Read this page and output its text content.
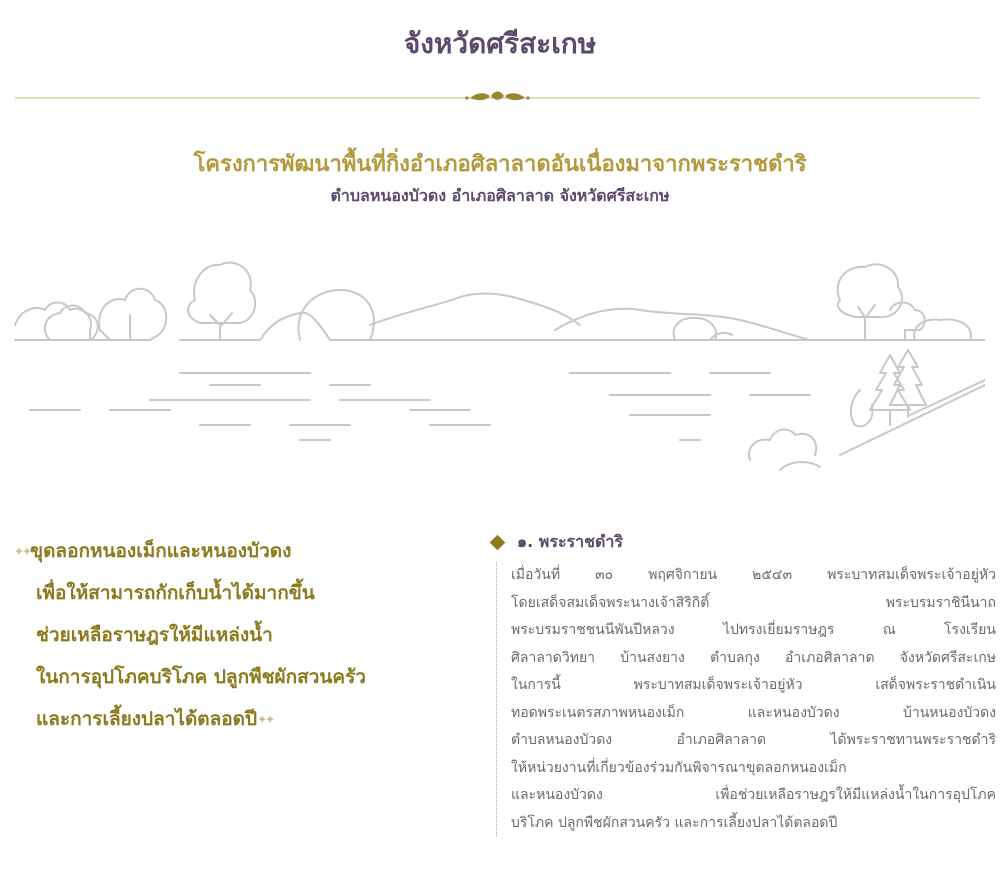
จังหวัดศรีสะเกษ
โครงการพัฒนาพื้นที่กิ่งอำเภอศิลาลาดอันเนื่องมาจากพระราชดำริ
ตำบลหนองบัวดง อำเภอศิลาลาด จังหวัดศรีสะเกษ
✦✦ขุดลอกหนองเม็กและหนองบัวดง
เพื่อให้สามารถกักเก็บน้ำได้มากขึ้น
ช่วยเหลือราษฎรให้มีแหล่งน้ำ
ในการอุปโภคบริโภค ปลูกพืชผักสวนครัว
และการเลี้ยงปลาได้ตลอดปี✦✦
๑. พระราชดำริ
เมื่อวันที่ ๓๐ พฤศจิกายน ๒๕๔๓ พระบาทสมเด็จพระเจ้าอยู่หัว
โดยเสด็จสมเด็จพระนางเจ้าสิริกิติ์ พระบรมราชินีนาถ
พระบรมราชชนนีพันปีหลวง ไปทรงเยี่ยมราษฎร ณ โรงเรียน
ศิลาลาดวิทยา บ้านสงยาง ตำบลกุง อำเภอศิลาลาด จังหวัดศรีสะเกษ
ในการนี้ พระบาทสมเด็จพระเจ้าอยู่หัว เสด็จพระราชดำเนิน
ทอดพระเนตรสภาพหนองเม็ก และหนองบัวดง บ้านหนองบัวดง
ตำบลหนองบัวดง อำเภอศิลาลาด ได้พระราชทานพระราชดำริ
ให้หน่วยงานที่เกี่ยวข้องร่วมกันพิจารณาขุดลอกหนองเม็ก
และหนองบัวดง เพื่อช่วยเหลือราษฎรให้มีแหล่งน้ำในการอุปโภค
บริโภค ปลูกพืชผักสวนครัว และการเลี้ยงปลาได้ตลอดปี
